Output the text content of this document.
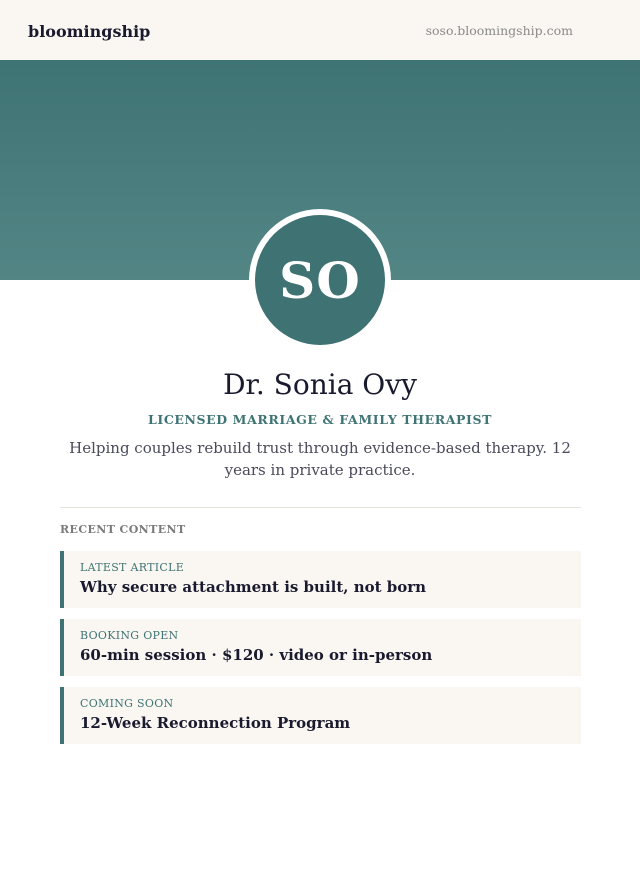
bloomingship	soso.bloomingship.com
SO
Dr. Sonia Ovy
LICENSED MARRIAGE & FAMILY THERAPIST
Helping couples rebuild trust through evidence-based therapy. 12 years in private practice.
RECENT CONTENT
LATEST ARTICLE
Why secure attachment is built, not born
BOOKING OPEN
60-min session · $120 · video or in-person
COMING SOON
12-Week Reconnection Program
